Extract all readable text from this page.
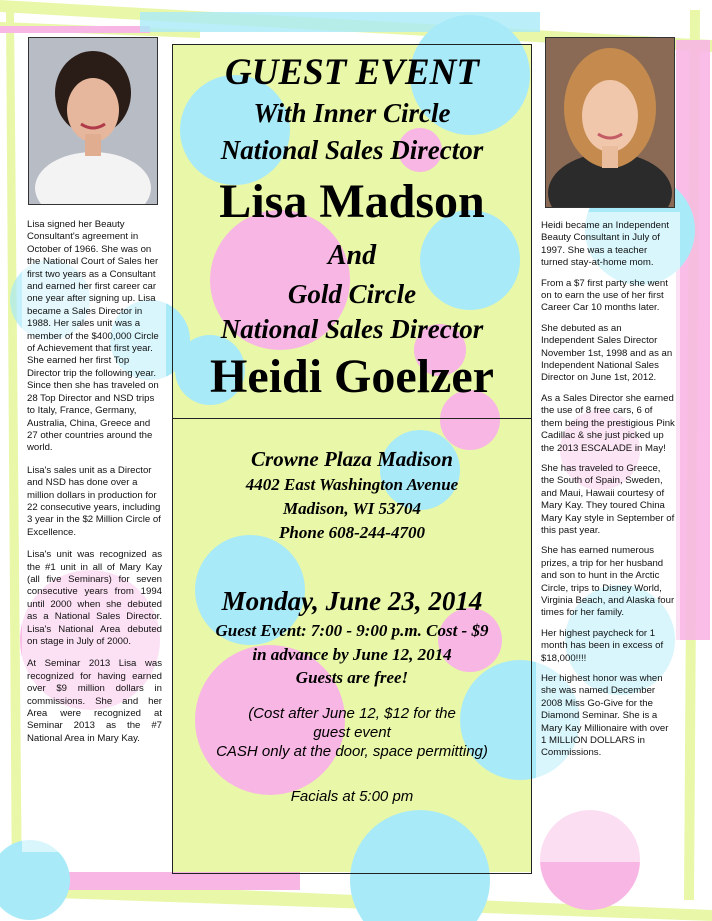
GUEST EVENT
With Inner Circle
National Sales Director
Lisa Madson
And
Gold Circle
National Sales Director
Heidi Goelzer
Crowne Plaza Madison
4402 East Washington Avenue
Madison, WI 53704
Phone 608-244-4700
Monday, June 23, 2014
Guest Event: 7:00 - 9:00 p.m. Cost - $9
in advance by June 12, 2014
Guests are free!
(Cost after June 12, $12 for the
guest event
CASH only at the door, space permitting)
Facials at 5:00 pm

Lisa signed her Beauty Consultant's agreement in October of 1966. She was on the National Court of Sales her first two years as a Consultant and earned her first career car one year after signing up. Lisa became a Sales Director in 1988. Her sales unit was a member of the $400,000 Circle of Achievement that first year. She earned her first Top Director trip the following year. Since then she has traveled on 28 Top Director and NSD trips to Italy, France, Germany, Australia, China, Greece and 27 other countries around the world.

Lisa's sales unit as a Director and NSD has done over a million dollars in production for 22 consecutive years, including 3 year in the $2 Million Circle of Excellence.

Lisa's unit was recognized as the #1 unit in all of Mary Kay (all five Seminars) for seven consecutive years from 1994 until 2000 when she debuted as a National Sales Director. Lisa's National Area debuted on stage in July of 2000.

At Seminar 2013 Lisa was recognized for having earned over $9 million dollars in commissions. She and her Area were recognized at Seminar 2013 as the #7 National Area in Mary Kay.

Heidi became an Independent Beauty Consultant in July of 1997. She was a teacher turned stay-at-home mom.

From a $7 first party she went on to earn the use of her first Career Car 10 months later.

She debuted as an Independent Sales Director November 1st, 1998 and as an Independent National Sales Director on June 1st, 2012.

As a Sales Director she earned the use of 8 free cars, 6 of them being the prestigious Pink Cadillac & she just picked up the 2013 ESCALADE in May!

She has traveled to Greece, the South of Spain, Sweden, and Maui, Hawaii courtesy of Mary Kay. They toured China Mary Kay style in September of this past year.

She has earned numerous prizes, a trip for her husband and son to hunt in the Arctic Circle, trips to Disney World, Virginia Beach, and Alaska four times for her family.

Her highest paycheck for 1 month has been in excess of $18,000!!!!

Her highest honor was when she was named December 2008 Miss Go-Give for the Diamond Seminar. She is a Mary Kay Millionaire with over 1 MILLION DOLLARS in Commissions.
